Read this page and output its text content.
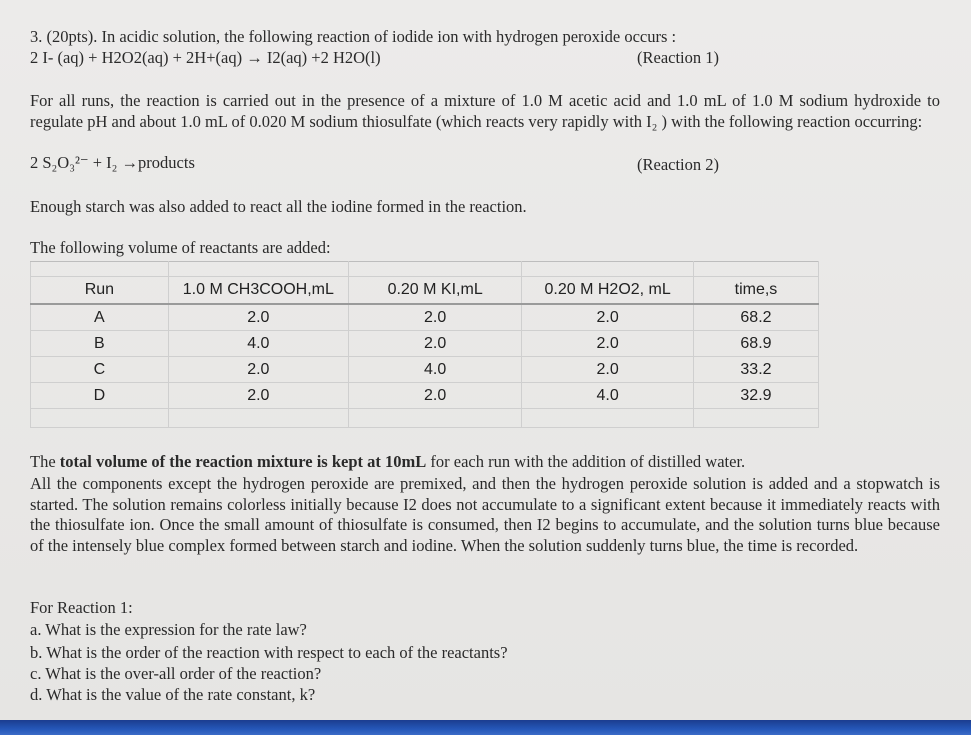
3. (20pts). In acidic solution, the following reaction of iodide ion with hydrogen peroxide occurs :
2 I- (aq) + H2O2(aq) + 2H+(aq) → I2(aq) +2 H2O(l)	(Reaction 1)
For all runs, the reaction is carried out in the presence of a mixture of 1.0 M acetic acid and 1.0 mL of 1.0 M sodium hydroxide to regulate pH and about 1.0 mL of 0.020 M sodium thiosulfate (which reacts very rapidly with I₂ ) with the following reaction occurring:
2 S₂O₃²⁻ + I₂ →products	(Reaction 2)
Enough starch was also added to react all the iodine formed in the reaction.
The following volume of reactants are added:

Run	1.0 M CH3COOH,mL	0.20 M KI,mL	0.20 M H2O2, mL	time,s
A	2.0	2.0	2.0	68.2
B	4.0	2.0	2.0	68.9
C	2.0	4.0	2.0	33.2
D	2.0	2.0	4.0	32.9

The total volume of the reaction mixture is kept at 10mL for each run with the addition of distilled water.
All the components except the hydrogen peroxide are premixed, and then the hydrogen peroxide solution is added and a stopwatch is started. The solution remains colorless initially because I2 does not accumulate to a significant extent because it immediately reacts with the thiosulfate ion. Once the small amount of thiosulfate is consumed, then I2 begins to accumulate, and the solution turns blue because of the intensely blue complex formed between starch and iodine. When the solution suddenly turns blue, the time is recorded.
For Reaction 1:
a. What is the expression for the rate law?
b. What is the order of the reaction with respect to each of the reactants?
c. What is the over-all order of the reaction?
d. What is the value of the rate constant, k?
